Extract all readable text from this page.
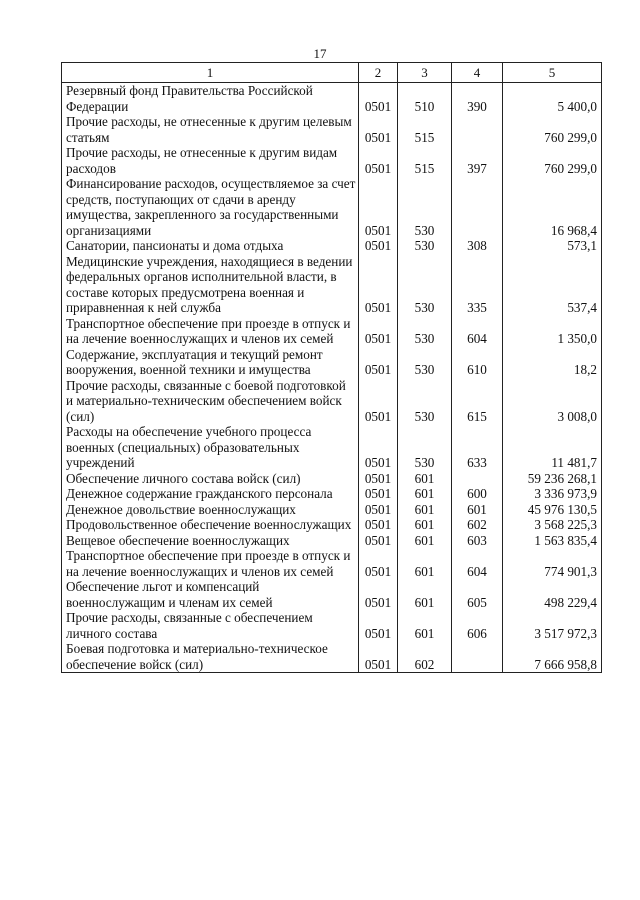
17
1	2	3	4	5
Резервный фонд Правительства Российской Федерации	0501	510	390	5 400,0
Прочие расходы, не отнесенные к другим целевым статьям	0501	515		760 299,0
Прочие расходы, не отнесенные к другим видам расходов	0501	515	397	760 299,0
Финансирование расходов, осуществляемое за счет средств, поступающих от сдачи в аренду имущества, закрепленного за государственными организациями	0501	530		16 968,4
Санатории, пансионаты и дома отдыха	0501	530	308	573,1
Медицинские учреждения, находящиеся в ведении федеральных органов исполнительной власти, в составе которых предусмотрена военная и приравненная к ней служба	0501	530	335	537,4
Транспортное обеспечение при проезде в отпуск и на лечение военнослужащих и членов их семей	0501	530	604	1 350,0
Содержание, эксплуатация и текущий ремонт вооружения, военной техники и имущества	0501	530	610	18,2
Прочие расходы, связанные с боевой подготовкой и материально-техническим обеспечением войск (сил)	0501	530	615	3 008,0
Расходы на обеспечение учебного процесса военных (специальных) образовательных учреждений	0501	530	633	11 481,7
Обеспечение личного состава войск (сил)	0501	601		59 236 268,1
Денежное содержание гражданского персонала	0501	601	600	3 336 973,9
Денежное довольствие военнослужащих	0501	601	601	45 976 130,5
Продовольственное обеспечение военнослужащих	0501	601	602	3 568 225,3
Вещевое обеспечение военнослужащих	0501	601	603	1 563 835,4
Транспортное обеспечение при проезде в отпуск и на лечение военнослужащих и членов их семей	0501	601	604	774 901,3
Обеспечение льгот и компенсаций военнослужащим и членам их семей	0501	601	605	498 229,4
Прочие расходы, связанные с обеспечением личного состава	0501	601	606	3 517 972,3
Боевая подготовка и материально-техническое обеспечение войск (сил)	0501	602		7 666 958,8
